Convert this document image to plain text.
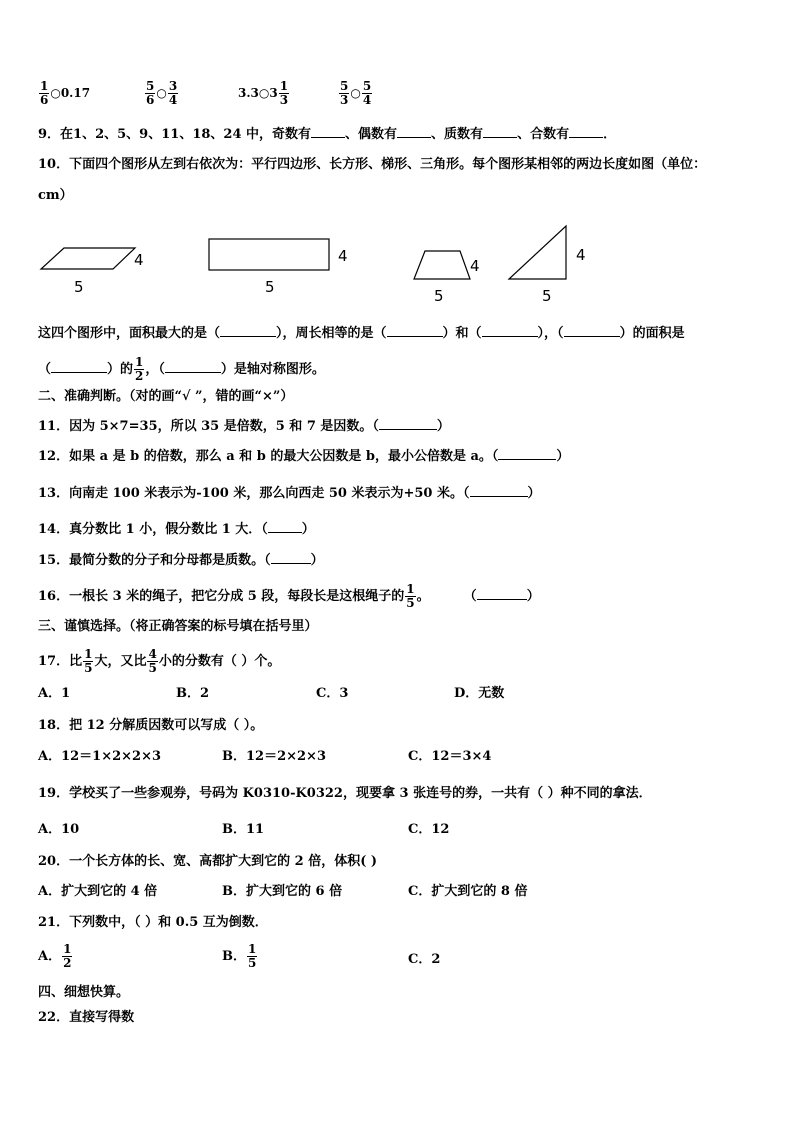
$\frac{1}{6}$ ○0.17	$\frac{5}{6}$ ○ $\frac{3}{4}$	3.3○3 $\frac{1}{3}$	$\frac{5}{3}$ ○ $\frac{5}{4}$
9．在1、2、5、9、11、18、24 中，奇数有	、偶数有	、质数有	、合数有	．
10．下面四个图形从左到右依次为：平行四边形、长方形、梯形、三角形。每个图形某相邻的两边长度如图（单位：
cm）
4
5
4
5
4
5
4
5
这四个图形中，面积最大的是（	），周长相等的是（	）和（	），（	）的面积是
（	）的 $\frac{1}{2}$ ，（	）是轴对称图形。
二、准确判断。（对的画“√ ”，错的画“×”）
11．因为 5×7=35，所以 35 是倍数，5 和 7 是因数。（	）
12．如果 a 是 b 的倍数，那么 a 和 b 的最大公因数是 b，最小公倍数是 a。（	）
13．向南走 100 米表示为-100 米，那么向西走 50 米表示为+50 米。（	）
14．真分数比 1 小，假分数比 1 大．（	）
15．最简分数的分子和分母都是质数。（	）
16．一根长 3 米的绳子，把它分成 5 段，每段长是这根绳子的 $\frac{1}{5}$ 。	（	）
三、谨慎选择。（将正确答案的标号填在括号里）
17．比 $\frac{1}{5}$ 大，又比 $\frac{4}{5}$ 小的分数有（ ）个。
A．1	B．2	C．3	D．无数
18．把 12 分解质因数可以写成（ ）。
A．12＝1×2×2×3	B．12＝2×2×3	C．12＝3×4
19．学校买了一些参观券，号码为 K0310-K0322，现要拿 3 张连号的券，一共有（ ）种不同的拿法．
A．10	B．11	C．12
20．一个长方体的长、宽、高都扩大到它的 2 倍，体积( )
A．扩大到它的 4 倍	B．扩大到它的 6 倍	C．扩大到它的 8 倍
21．下列数中，（ ）和 0.5 互为倒数．
A． $\frac{1}{2}$	B． $\frac{1}{5}$	C．2
四、细想快算。
22．直接写得数
